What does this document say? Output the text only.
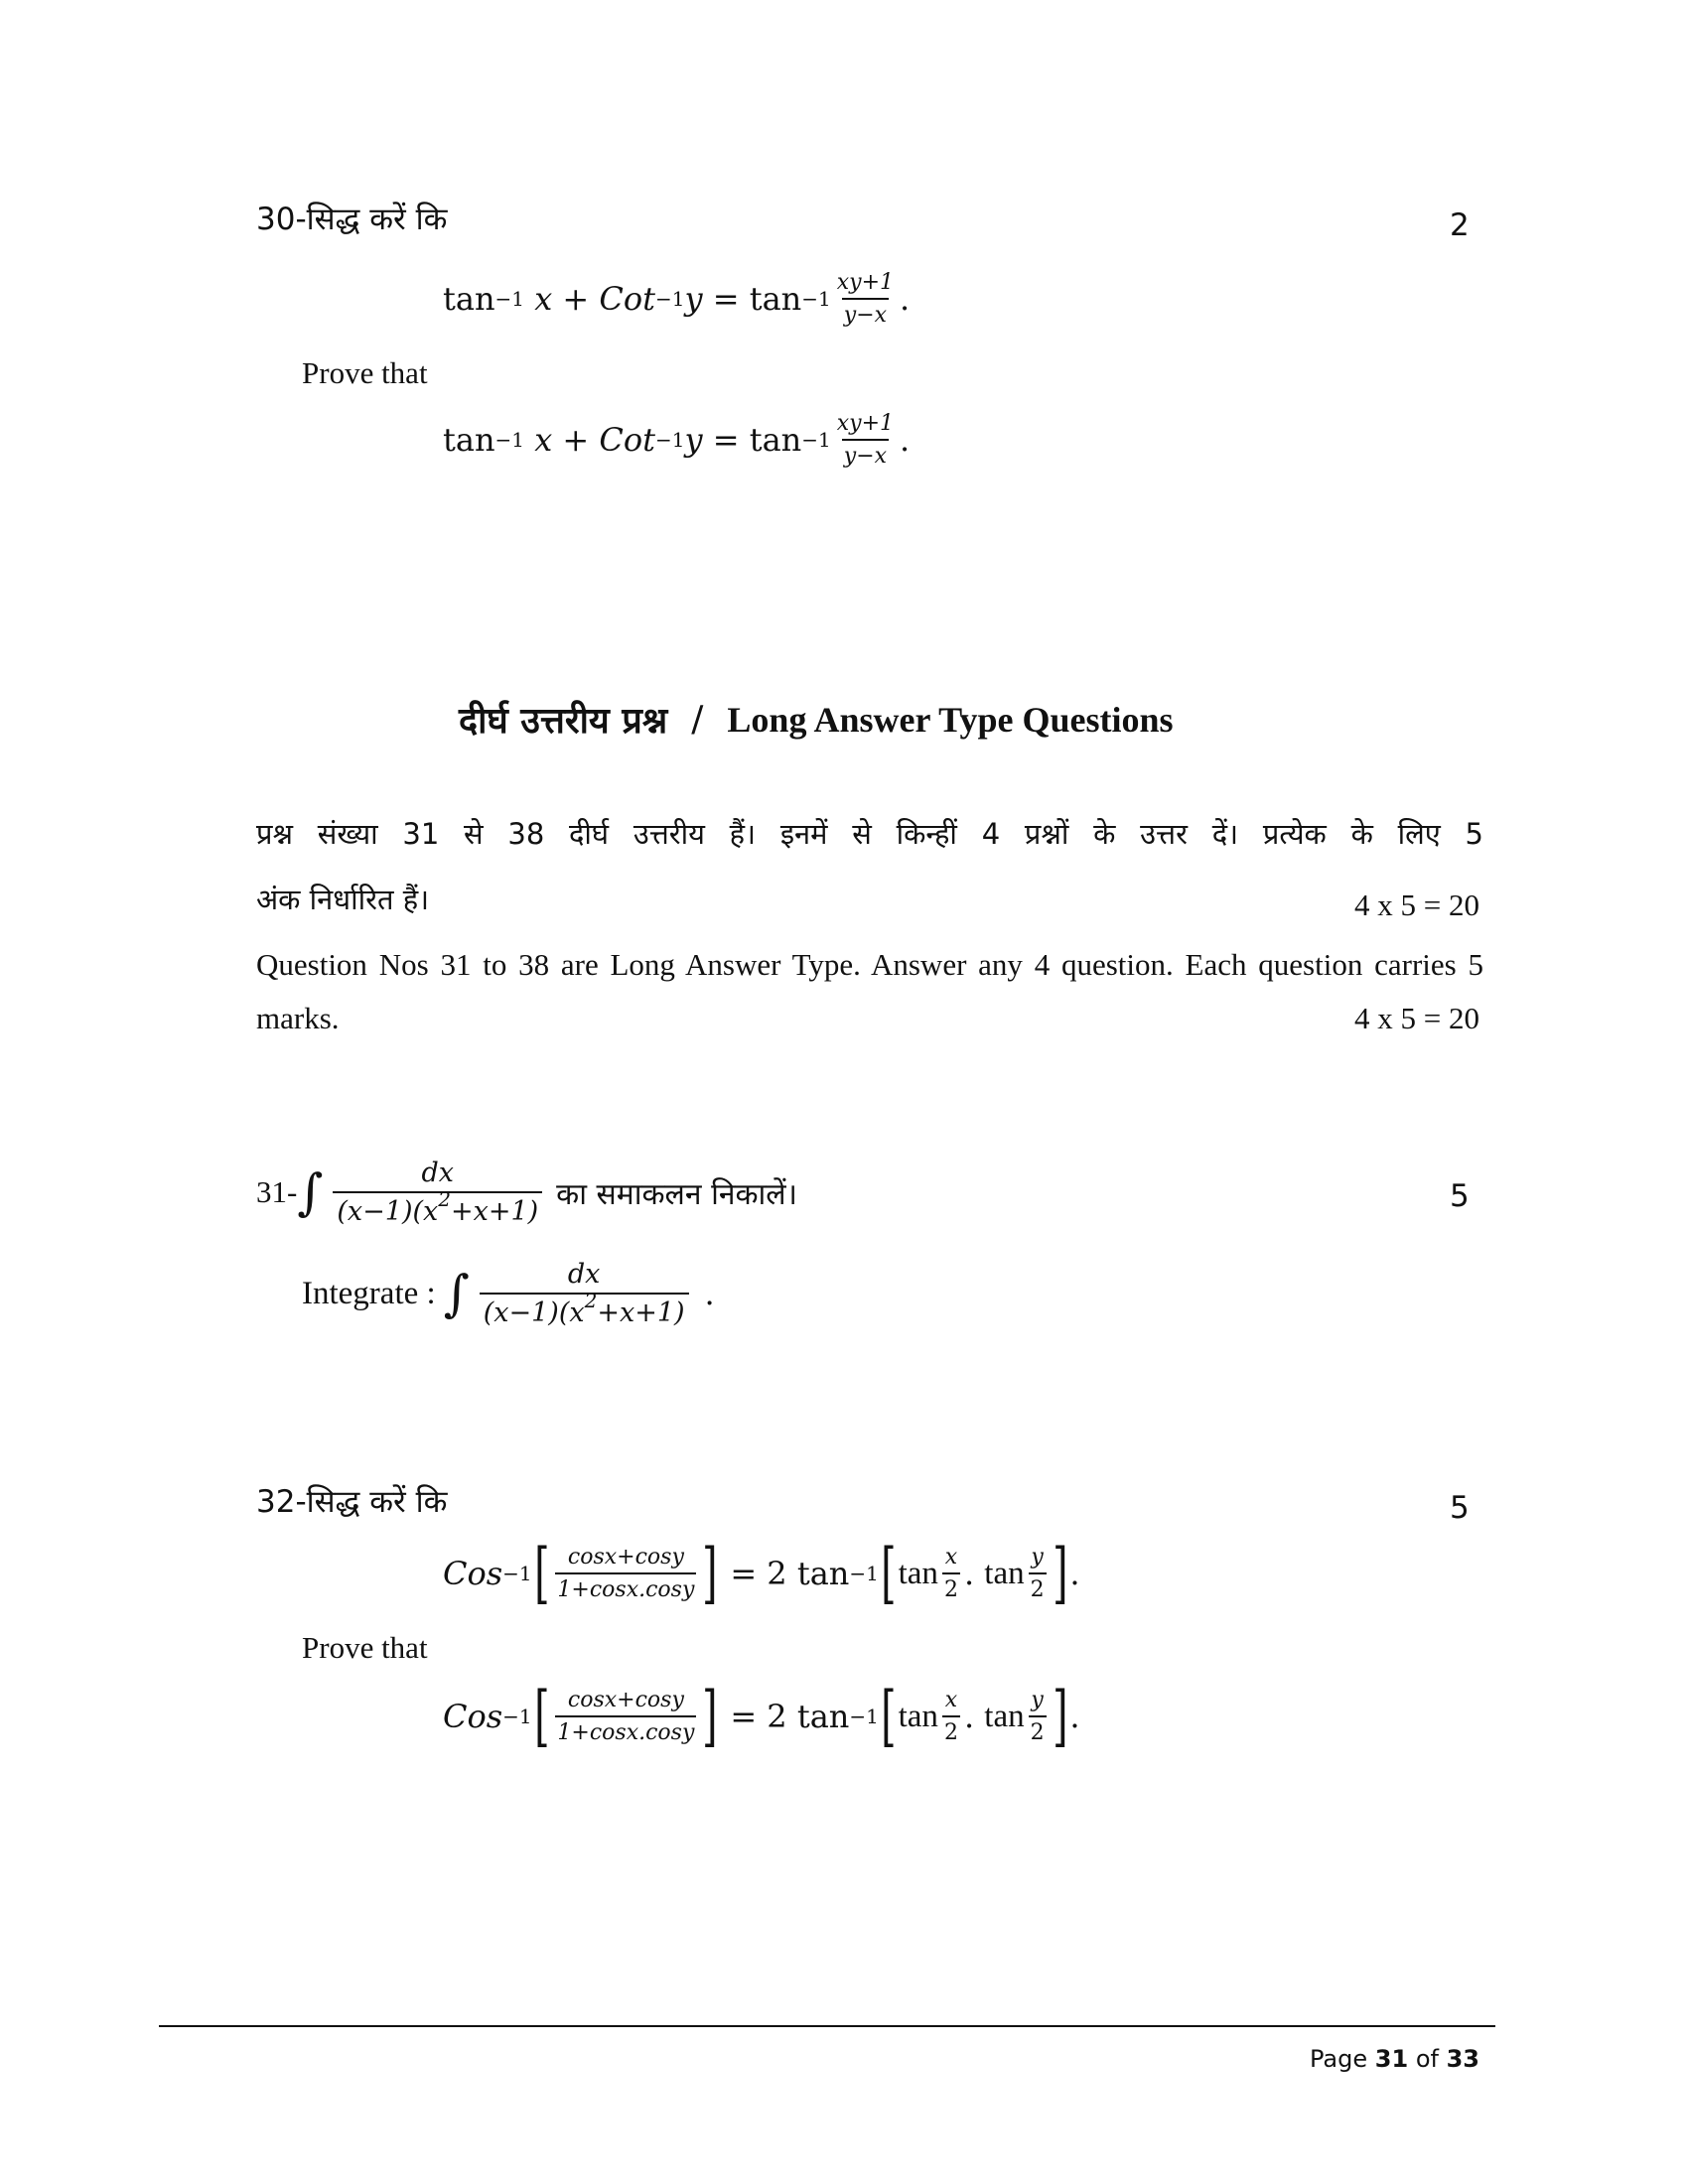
30-सिद्ध करें कि	2
tan −1
x
+
Cot −1 y
=
$\tan -1 \frac{xy+1}{y-x}$ .
Prove that
tan −1
x
+
Cot −1 y
=
$\tan -1 \frac{xy+1}{y-x}$ .
दीर्घ उत्तरीय प्रश्न / Long Answer Type Questions
प्रश्न संख्या 31 से 38 दीर्घ उत्तरीय हैं। इनमें से किन्हीं 4 प्रश्नों के उत्तर दें। प्रत्येक के लिए 5
अंक निर्धारित हैं।	4 x 5 = 20
Question Nos 31 to 38 are Long Answer Type. Answer any 4 question. Each question carries 5
marks.	4 x 5 = 20
31- ∫ $\frac{dx}{(x-1)(x^2+x+1)}$ का समाकलन निकालें।	5
Integrate : ∫ $\frac{dx}{(x-1)(x^2+x+1)}$ .
32-सिद्ध करें कि	5
Cos −1 [ $\frac{\cos x+\cos y}{1+\cos x.\cos y}$ ]
=
2
tan −1 [ $\tan \frac{x}{2}$ .
$\tan \frac{y}{2}$ ] .
Prove that
Cos −1 [ $\frac{\cos x+\cos y}{1+\cos x.\cos y}$ ]
=
2
tan −1 [ $\tan \frac{x}{2}$ .
$\tan \frac{y}{2}$ ] .
Page 31 of 33
